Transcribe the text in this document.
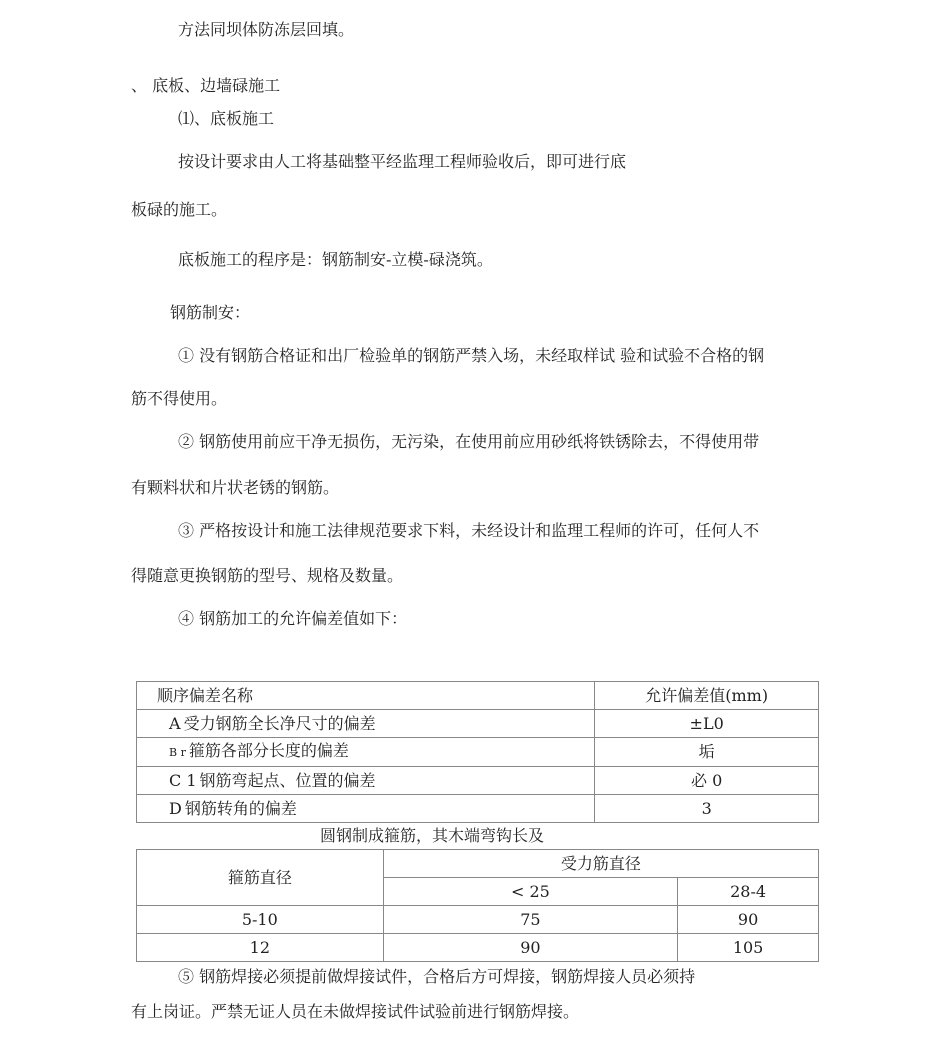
方法同坝体防冻层回填。
、 底板、边墙碌施工
⑴、底板施工
按设计要求由人工将基础整平经监理工程师验收后，即可进行底
板碌的施工。
底板施工的程序是：钢筋制安-立模-碌浇筑。
钢筋制安：
① 没有钢筋合格证和出厂检验单的钢筋严禁入场，未经取样试 验和试验不合格的钢
筋不得使用。
② 钢筋使用前应干净无损伤，无污染，在使用前应用砂纸将铁锈除去，不得使用带
有颗料状和片状老锈的钢筋。
③ 严格按设计和施工法律规范要求下料，未经设计和监理工程师的许可，任何人不
得随意更换钢筋的型号、规格及数量。
④ 钢筋加工的允许偏差值如下：
顺序偏差名称	允许偏差值(mm)
A 受力钢筋全长净尺寸的偏差	±L0
B r 箍筋各部分长度的偏差	垢
C 1 钢筋弯起点、位置的偏差	必 0
D 钢筋转角的偏差	3
圆钢制成箍筋，其木端弯钩长及
箍筋直径	受力筋直径	
	< 25	28-4
5-10	75	90
12	90	105
⑤ 钢筋焊接必须提前做焊接试件，合格后方可焊接，钢筋焊接人员必须持
有上岗证。严禁无证人员在未做焊接试件试验前进行钢筋焊接。
